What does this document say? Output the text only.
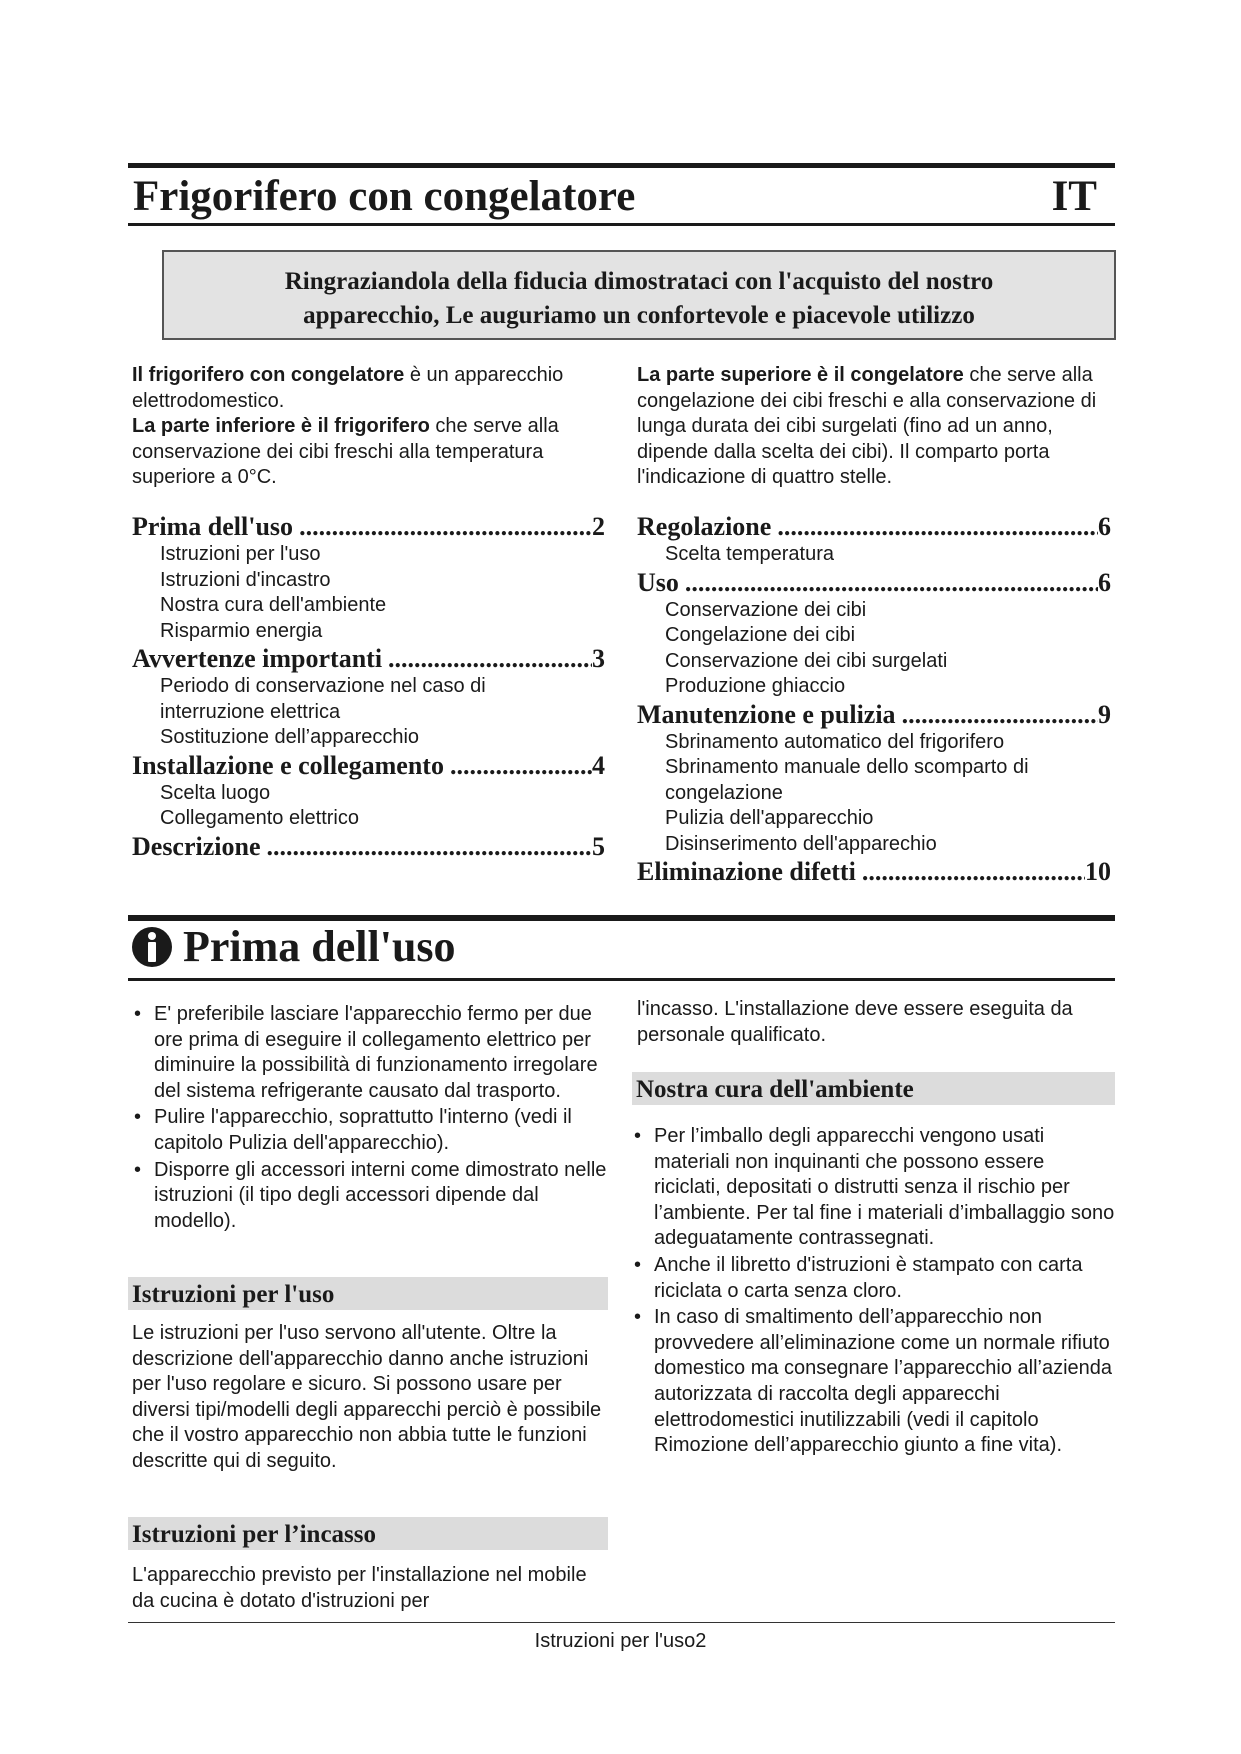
Frigorifero con congelatore	IT
Ringraziandola della fiducia dimostrataci con l'acquisto del nostro
apparecchio, Le auguriamo un confortevole e piacevole utilizzo
Il frigorifero con congelatore è un apparecchio elettrodomestico.
La parte inferiore è il frigorifero che serve alla conservazione dei cibi freschi alla temperatura superiore a 0°C.
La parte superiore è il congelatore che serve alla congelazione dei cibi freschi e alla conservazione di lunga durata dei cibi surgelati (fino ad un anno, dipende dalla scelta dei cibi). Il comparto porta l'indicazione di quattro stelle.
Prima dell'uso .....	2
Istruzioni per l'uso
Istruzioni d'incastro
Nostra cura dell'ambiente
Risparmio energia
Avvertenze importanti .....	3
Periodo di conservazione nel caso di
interruzione elettrica
Sostituzione dell’apparecchio
Installazione e collegamento .....	4
Scelta luogo
Collegamento elettrico
Descrizione .....	5
Regolazione .....	6
Scelta temperatura
Uso .....	6
Conservazione dei cibi
Congelazione dei cibi
Conservazione dei cibi surgelati
Produzione ghiaccio
Manutenzione e pulizia .....	9
Sbrinamento automatico del frigorifero
Sbrinamento manuale dello scomparto di
congelazione
Pulizia dell'apparecchio
Disinserimento dell'apparechio
Eliminazione difetti .....	10
Prima dell'uso
• E' preferibile lasciare l'apparecchio fermo per due ore prima di eseguire il collegamento elettrico per diminuire la possibilità di funzionamento irregolare del sistema refrigerante causato dal trasporto.
• Pulire l'apparecchio, soprattutto l'interno (vedi il capitolo Pulizia dell'apparecchio).
• Disporre gli accessori interni come dimostrato nelle istruzioni (il tipo degli accessori dipende dal modello).
Istruzioni per l'uso
Le istruzioni per l'uso servono all'utente. Oltre la descrizione dell'apparecchio danno anche istruzioni per l'uso regolare e sicuro. Si possono usare per diversi tipi/modelli degli apparecchi perciò è possibile che il vostro apparecchio non abbia tutte le funzioni descritte qui di seguito.
Istruzioni per l’incasso
L'apparecchio previsto per l'installazione nel mobile da cucina è dotato d'istruzioni per
l'incasso. L'installazione deve essere eseguita da personale qualificato.
Nostra cura dell'ambiente
• Per l’imballo degli apparecchi vengono usati materiali non inquinanti che possono essere riciclati, depositati o distrutti senza il rischio per l’ambiente. Per tal fine i materiali d’imballaggio sono adeguatamente contrassegnati.
• Anche il libretto d'istruzioni è stampato con carta riciclata o carta senza cloro.
• In caso di smaltimento dell’apparecchio non provvedere all’eliminazione come un normale rifiuto domestico ma consegnare l’apparecchio all’azienda autorizzata di raccolta degli apparecchi elettrodomestici inutilizzabili (vedi il capitolo Rimozione dell’apparecchio giunto a fine vita).
Istruzioni per l'uso2
